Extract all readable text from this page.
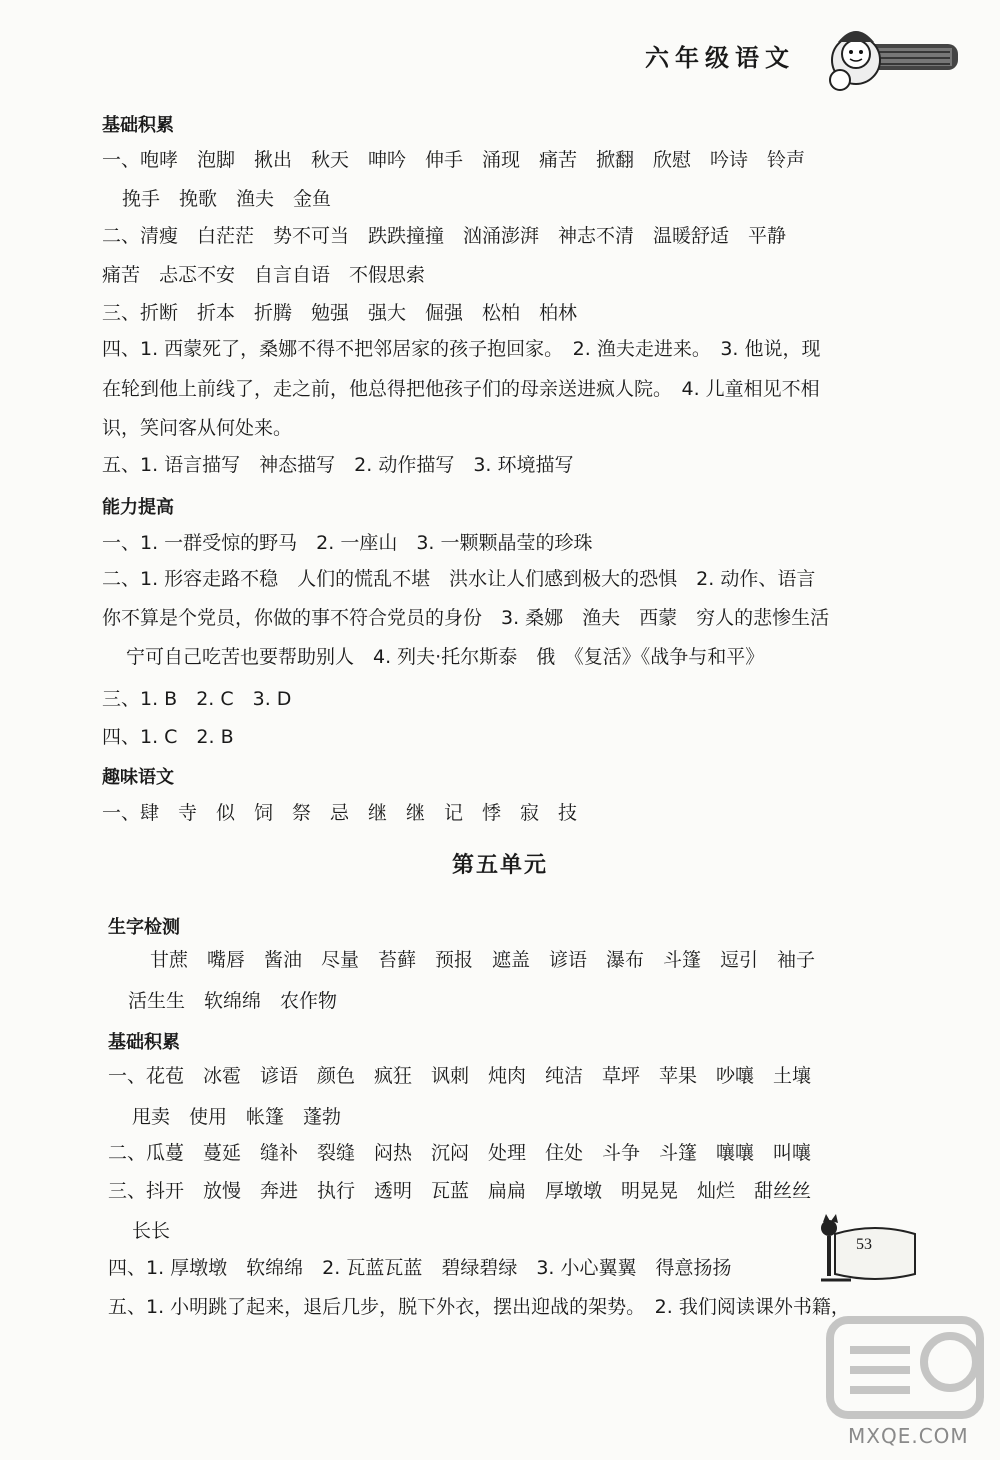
六年级语文
基础积累
一、咆哮　泡脚　揪出　秋天　呻吟　伸手　涌现　痛苦　掀翻　欣慰　吟诗　铃声
挽手　挽歌　渔夫　金鱼
二、清瘦　白茫茫　势不可当　跌跌撞撞　汹涌澎湃　神志不清　温暖舒适　平静
痛苦　忐忑不安　自言自语　不假思索
三、折断　折本　折腾　勉强　强大　倔强　松柏　柏林
四、1. 西蒙死了，桑娜不得不把邻居家的孩子抱回家。　2. 渔夫走进来。　3. 他说，现
在轮到他上前线了，走之前，他总得把他孩子们的母亲送进疯人院。　4. 儿童相见不相
识，笑问客从何处来。
五、1. 语言描写　神态描写　2. 动作描写　3. 环境描写
能力提高
一、1. 一群受惊的野马　2. 一座山　3. 一颗颗晶莹的珍珠
二、1. 形容走路不稳　人们的慌乱不堪　洪水让人们感到极大的恐惧　2. 动作、语言
你不算是个党员，你做的事不符合党员的身份　3. 桑娜　渔夫　西蒙　穷人的悲惨生活
宁可自己吃苦也要帮助别人　4. 列夫·托尔斯泰　俄　《复活》《战争与和平》
三、1. B　2. C　3. D
四、1. C　2. B
趣味语文
一、肆　寺　似　饲　祭　忌　继　继　记　悸　寂　技
第五单元
生字检测
甘蔗　嘴唇　酱油　尽量　苔藓　预报　遮盖　谚语　瀑布　斗篷　逗引　袖子
活生生　软绵绵　农作物
基础积累
一、花苞　冰雹　谚语　颜色　疯狂　讽刺　炖肉　纯洁　草坪　苹果　吵嚷　土壤
甩卖　使用　帐篷　蓬勃
二、瓜蔓　蔓延　缝补　裂缝　闷热　沉闷　处理　住处　斗争　斗篷　嚷嚷　叫嚷
三、抖开　放慢　奔进　执行　透明　瓦蓝　扁扁　厚墩墩　明晃晃　灿烂　甜丝丝
长长
四、1. 厚墩墩　软绵绵　2. 瓦蓝瓦蓝　碧绿碧绿　3. 小心翼翼　得意扬扬
五、1. 小明跳了起来，退后几步，脱下外衣，摆出迎战的架势。　2. 我们阅读课外书籍，
53
MXQE.COM
